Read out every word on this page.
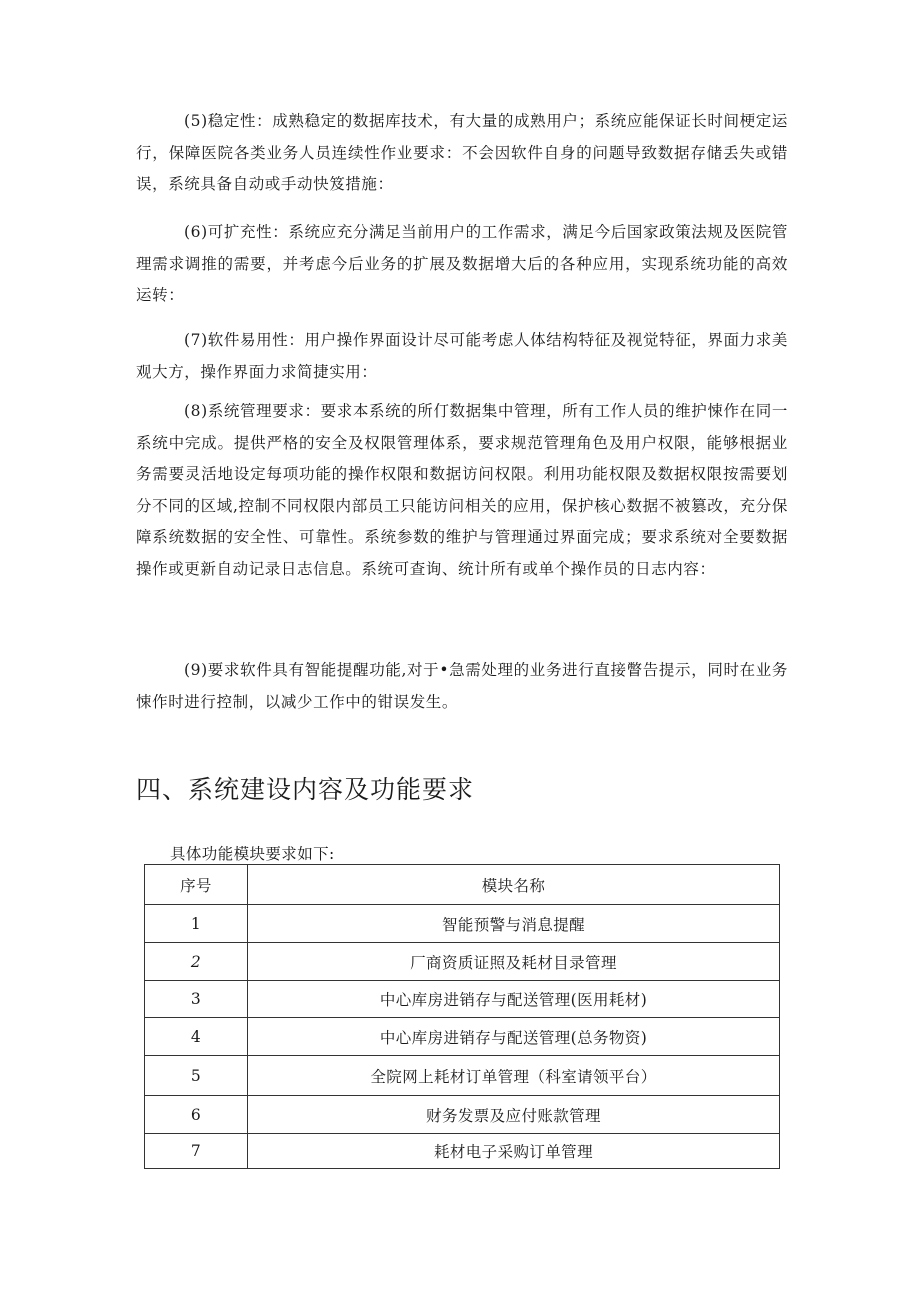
(5)稳定性：成熟稳定的数据库技术，有大量的成熟用户；系统应能保证长时间梗定运行，保障医院各类业务人员连续性作业要求：不会因软件自身的问题导致数据存储丢失或错误，系统具备自动或手动快笈措施：

(6)可扩充性：系统应充分满足当前用户的工作需求，满足今后国家政策法规及医院管理需求调推的需要，并考虑今后业务的扩展及数据增大后的各种应用，实现系统功能的高效运转：

(7)软件易用性：用户操作界面设计尽可能考虑人体结构特征及视觉特征，界面力求美观大方，操作界面力求简捷实用：

(8)系统管理要求：要求本系统的所仃数据集中管理，所有工作人员的维护悚作在同一系统中完成。提供严格的安全及权限管理体系，要求规范管理角色及用户权限，能够根据业务需要灵活地设定每项功能的操作权限和数据访问权限。利用功能权限及数据权限按需要划分不同的区域,控制不同权限内部员工只能访问相关的应用，保护核心数据不被篡改，充分保障系统数据的安全性、可靠性。系统参数的维护与管理通过界面完成；要求系统对全要数据操作或更新自动记录日志信息。系统可查询、统计所有或单个操作员的日志内容：

(9)要求软件具有智能提醒功能,对于•急需处理的业务进行直接瞥告提示，同时在业务悚作时进行控制，以减少工作中的钳误发生。

四、系统建设内容及功能要求

具体功能模块要求如下:

序号	模块名称
1	智能预警与消息提醒
2	厂商资质证照及耗材目录管理
3	中心库房进销存与配送管理(医用耗材)
4	中心库房进销存与配送管理(总务物资)
5	全院网上耗材订单管理（科室请领平台）
6	财务发票及应付账款管理
7	耗材电子采购订单管理
